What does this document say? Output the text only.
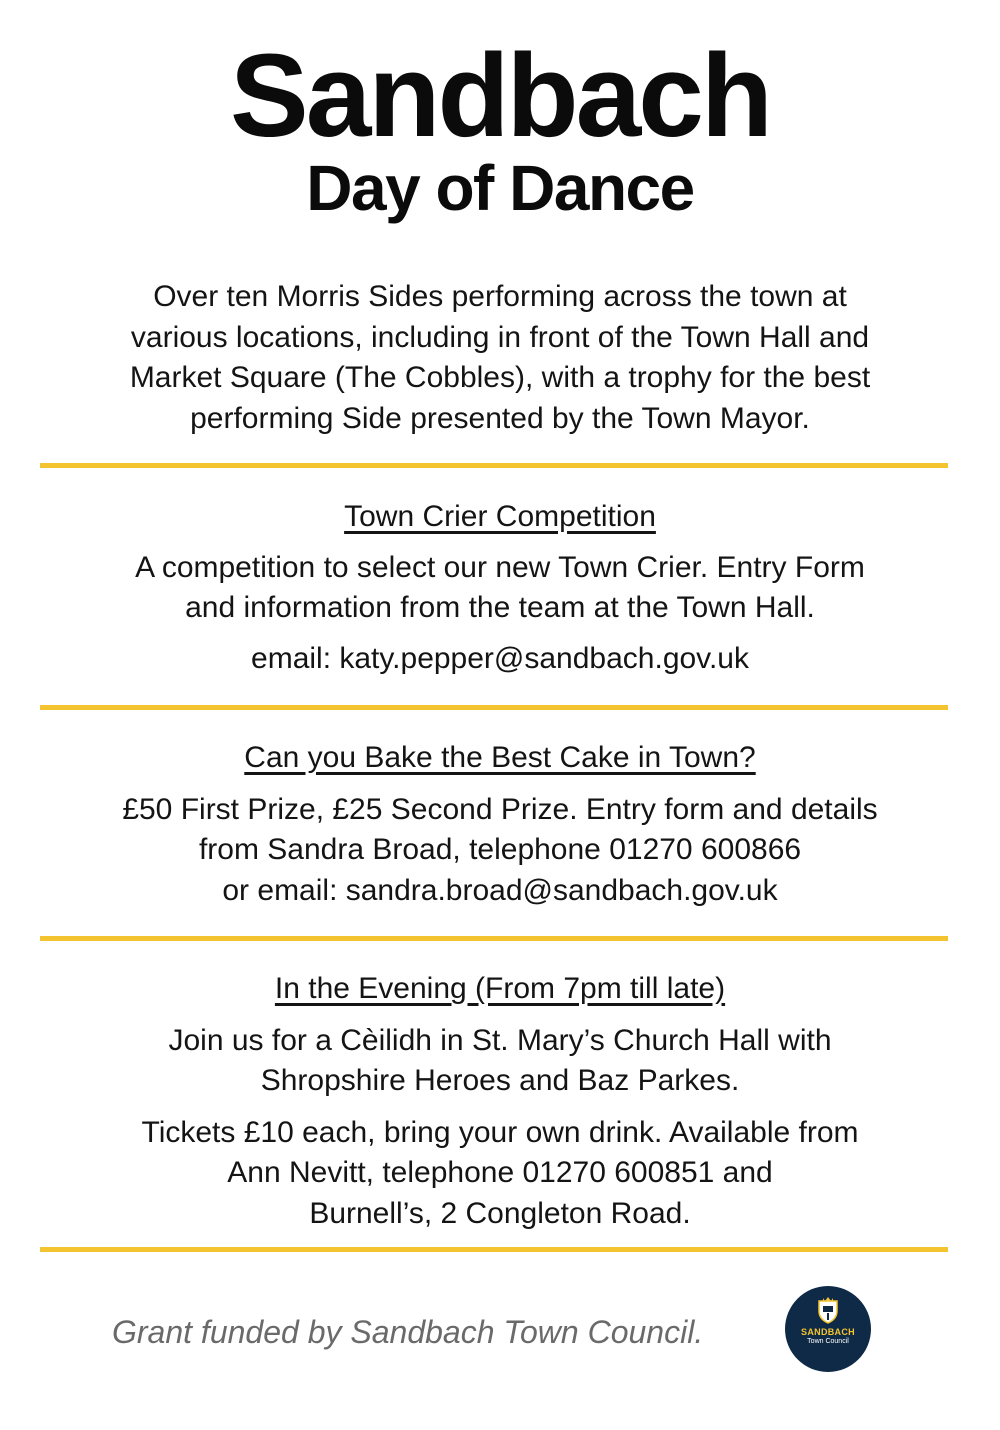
Sandbach
Day of Dance

Over ten Morris Sides performing across the town at

various locations, including in front of the Town Hall and

Market Square (The Cobbles), with a trophy for the best

performing Side presented by the Town Mayor.

Town Crier Competition

A competition to select our new Town Crier. Entry Form

and information from the team at the Town Hall.

email: katy.pepper@sandbach.gov.uk

Can you Bake the Best Cake in Town?

£50 First Prize, £25 Second Prize. Entry form and details

from Sandra Broad, telephone 01270 600866

or email: sandra.broad@sandbach.gov.uk

In the Evening (From 7pm till late)

Join us for a Cèilidh in St. Mary’s Church Hall with

Shropshire Heroes and Baz Parkes.

Tickets £10 each, bring your own drink. Available from

Ann Nevitt, telephone 01270 600851 and

Burnell’s, 2 Congleton Road.

Grant funded by Sandbach Town Council.	SANDBACH
Town Council
